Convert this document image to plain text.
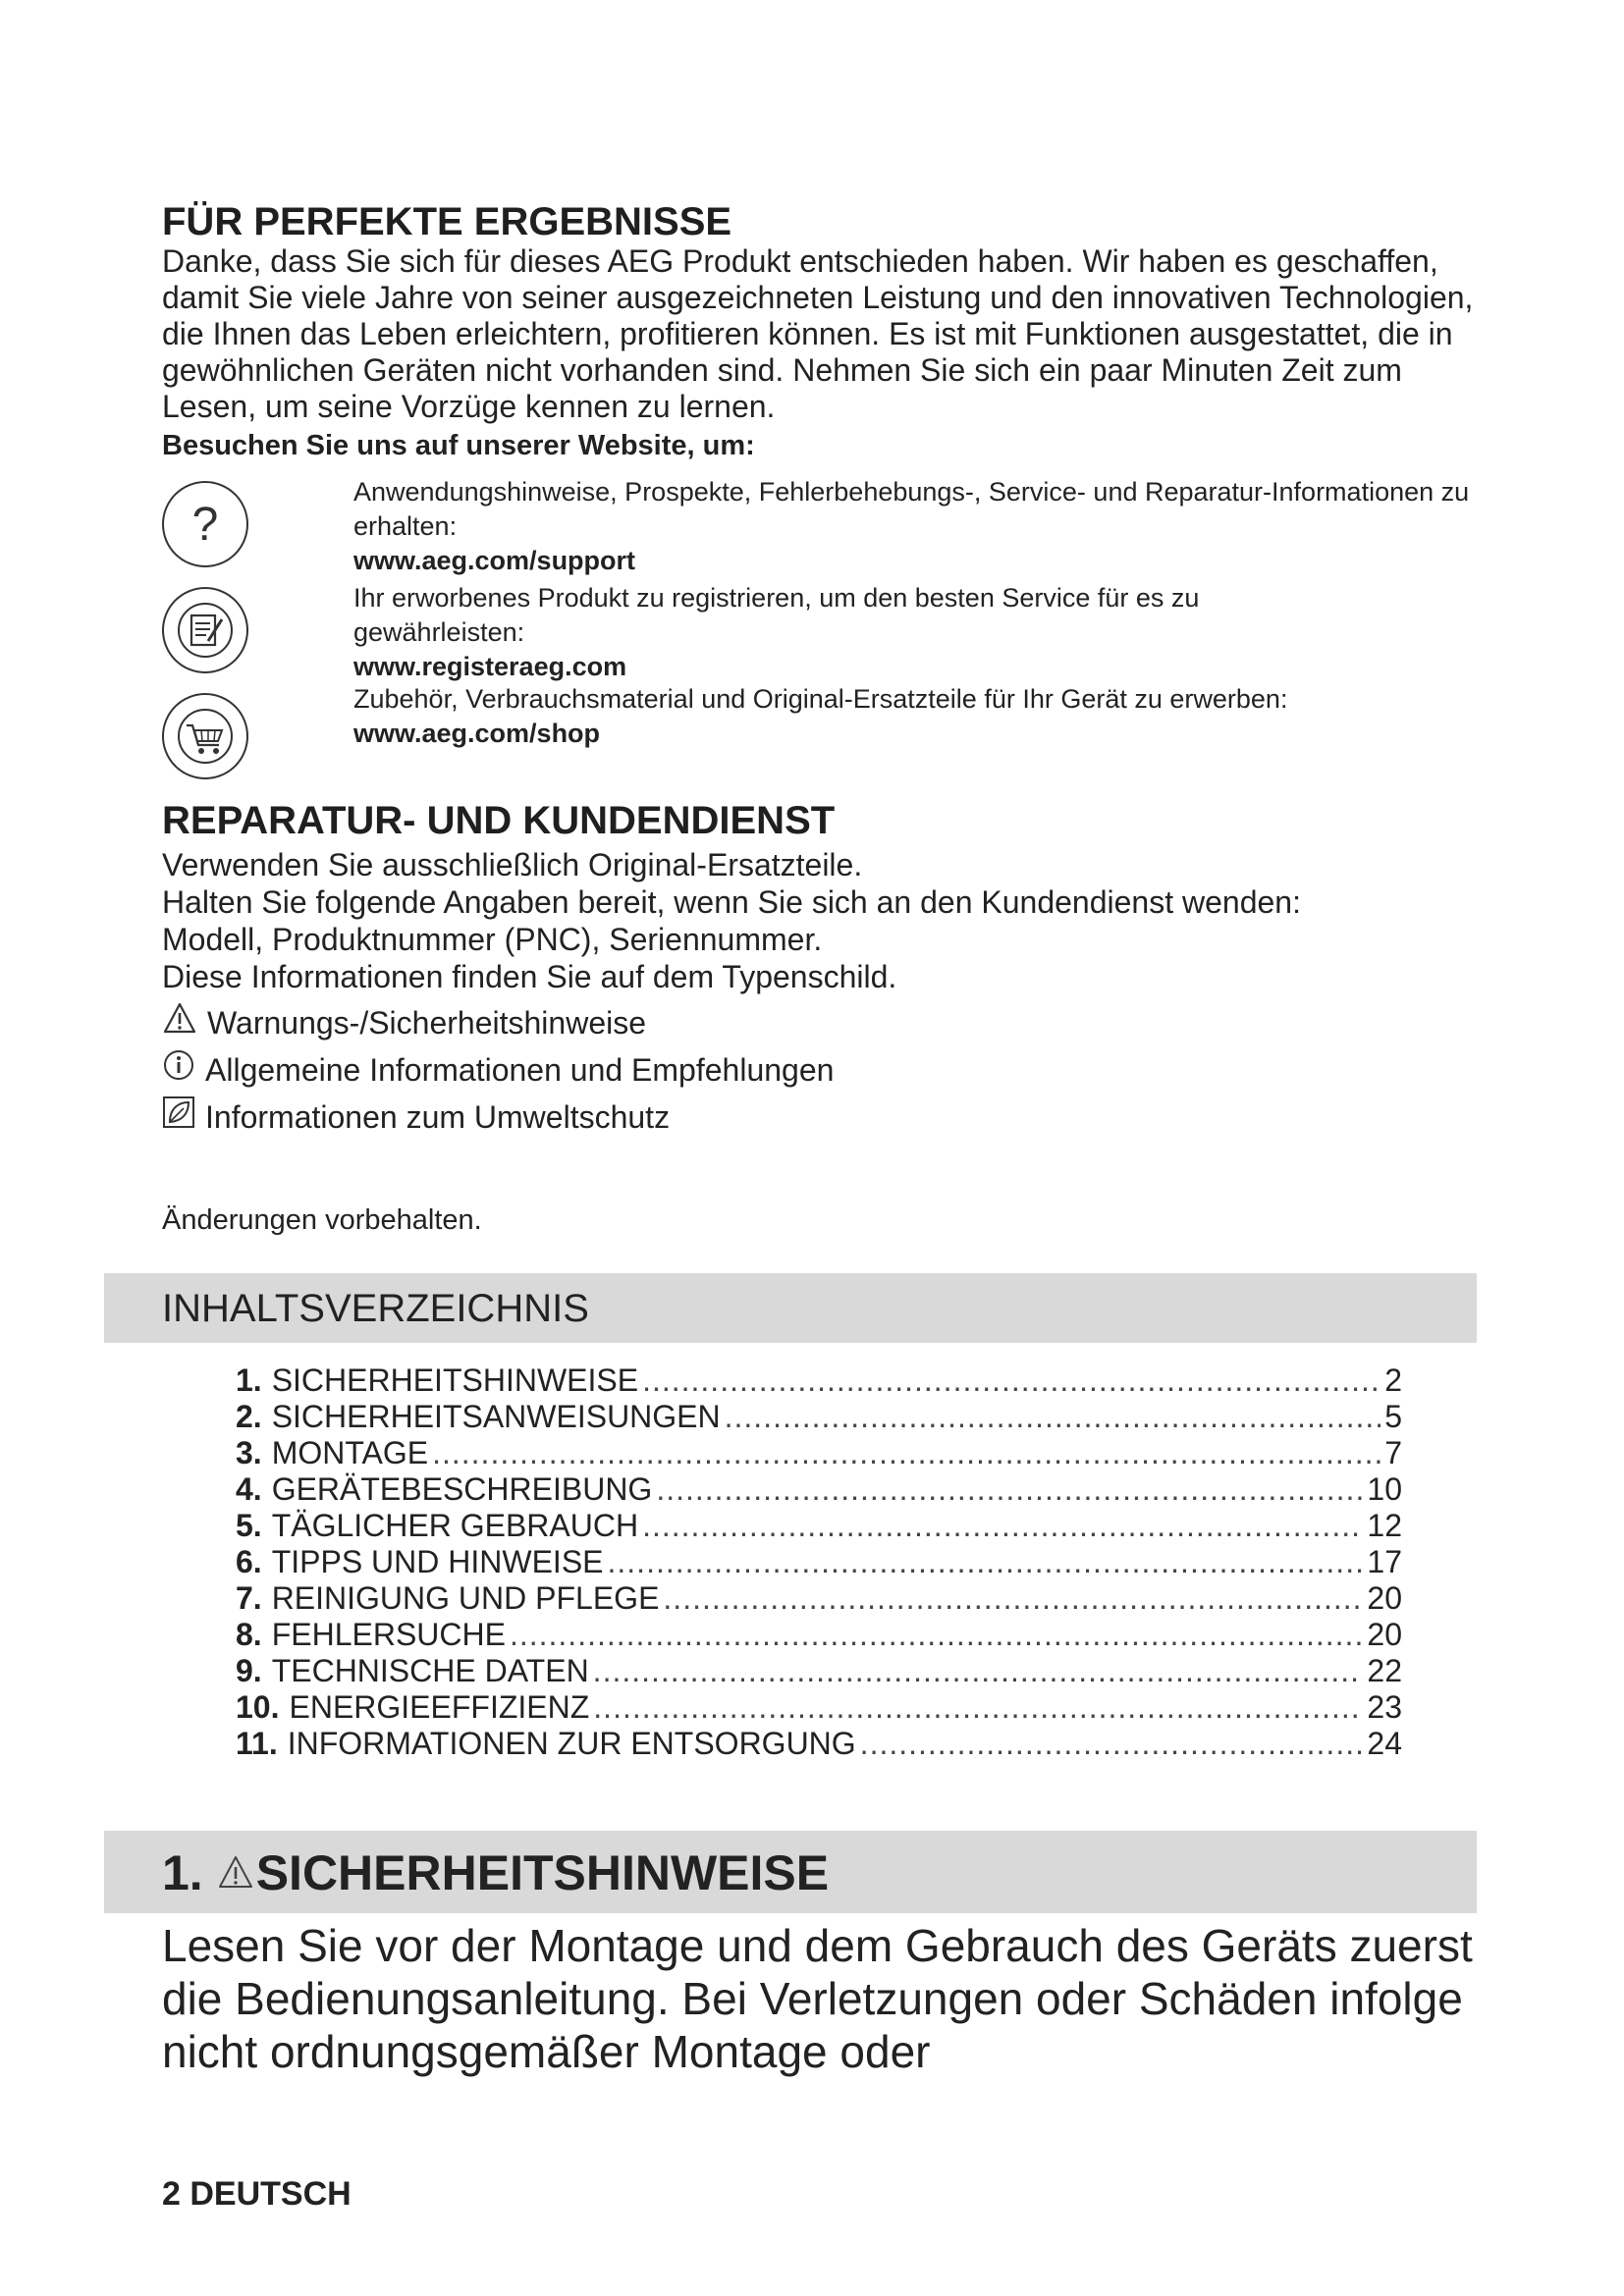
FÜR PERFEKTE ERGEBNISSE

Danke, dass Sie sich für dieses AEG Produkt entschieden haben. Wir haben es geschaffen, damit Sie viele Jahre von seiner ausgezeichneten Leistung und den innovativen Technologien, die Ihnen das Leben erleichtern, profitieren können. Es ist mit Funktionen ausgestattet, die in gewöhnlichen Geräten nicht vorhanden sind. Nehmen Sie sich ein paar Minuten Zeit zum Lesen, um seine Vorzüge kennen zu lernen.

Besuchen Sie uns auf unserer Website, um:
?
Anwendungshinweise, Prospekte, Fehlerbehebungs-, Service- und Reparatur-Informationen zu erhalten:
www.aeg.com/support
Ihr erworbenes Produkt zu registrieren, um den besten Service für es zu gewährleisten:
www.registeraeg.com
Zubehör, Verbrauchsmaterial und Original-Ersatzteile für Ihr Gerät zu erwerben:
www.aeg.com/shop
REPARATUR- UND KUNDENDIENST

Verwenden Sie ausschließlich Original-Ersatzteile.

Halten Sie folgende Angaben bereit, wenn Sie sich an den Kundendienst wenden:

Modell, Produktnummer (PNC), Seriennummer.

Diese Informationen finden Sie auf dem Typenschild.

Warnungs-/Sicherheitshinweise
Allgemeine Informationen und Empfehlungen
Informationen zum Umweltschutz
Änderungen vorbehalten.
INHALTSVERZEICHNIS
1. SICHERHEITSHINWEISE .....	2
2. SICHERHEITSANWEISUNGEN .....	5
3. MONTAGE .....	7
4. GERÄTEBESCHREIBUNG .....	10
5. TÄGLICHER GEBRAUCH .....	12
6. TIPPS UND HINWEISE .....	17
7. REINIGUNG UND PFLEGE .....	20
8. FEHLERSUCHE .....	20
9. TECHNISCHE DATEN .....	22
10. ENERGIEEFFIZIENZ .....	23
11. INFORMATIONEN ZUR ENTSORGUNG .....	24
1. SICHERHEITSHINWEISE

Lesen Sie vor der Montage und dem Gebrauch des Geräts zuerst die Bedienungsanleitung. Bei Verletzungen oder Schäden infolge nicht ordnungsgemäßer Montage oder

2 DEUTSCH
